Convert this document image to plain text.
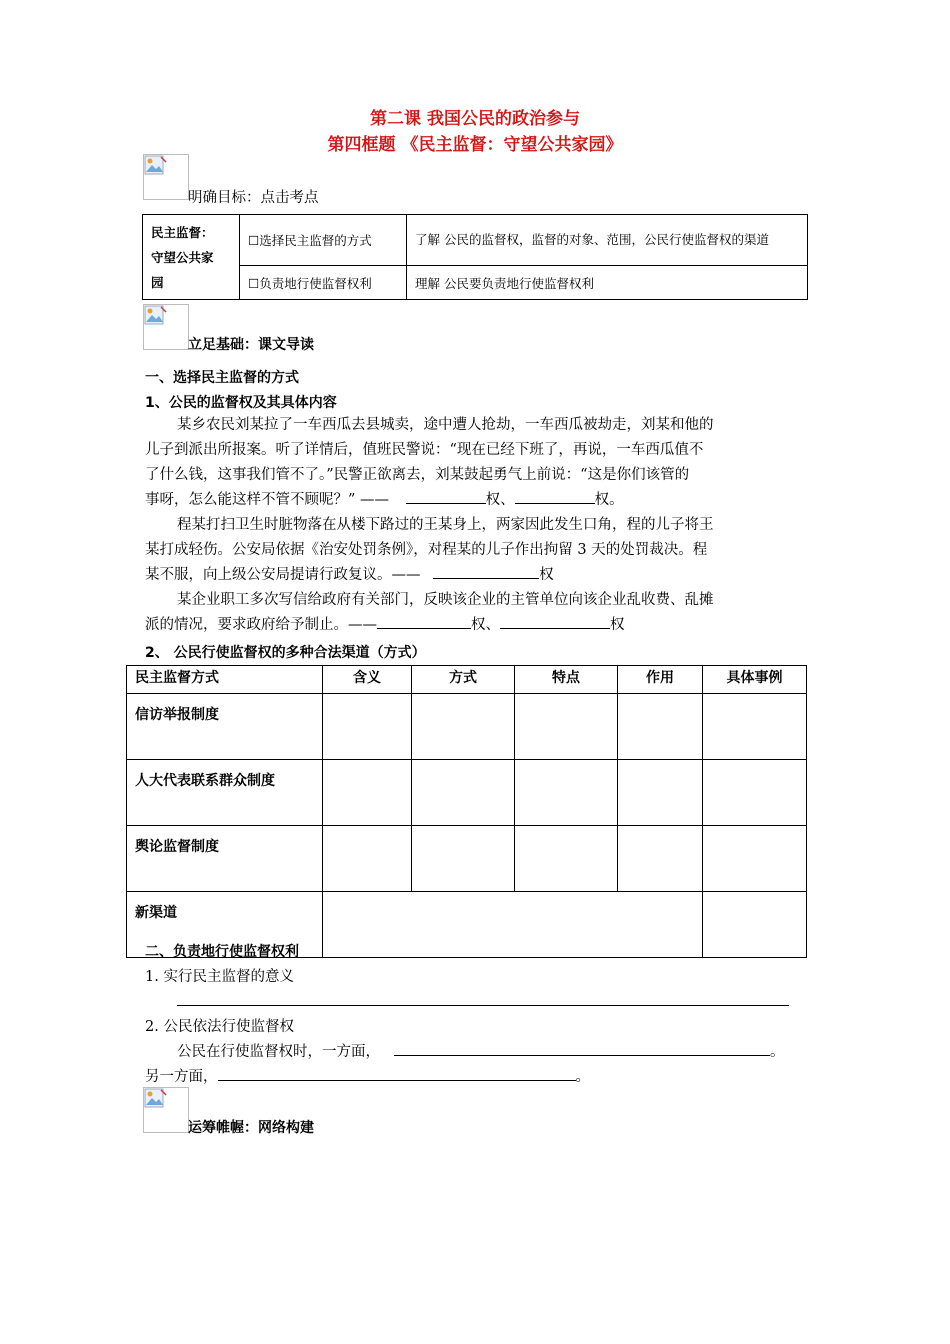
第二课 我国公民的政治参与
第四框题 《民主监督：守望公共家园》
明确目标：点击考点
民主监督：
守望公共家
园	☐选择民主监督的方式	了解 公民的监督权，监督的对象、范围，公民行使监督权的渠道
	☐负责地行使监督权利	理解 公民要负责地行使监督权利
立足基础：课文导读
一、选择民主监督的方式
1、公民的监督权及其具体内容
某乡农民刘某拉了一车西瓜去县城卖，途中遭人抢劫，一车西瓜被劫走，刘某和他的
儿子到派出所报案。听了详情后，值班民警说：“现在已经下班了，再说，一车西瓜值不
了什么钱，这事我们管不了。”民警正欲离去，刘某鼓起勇气上前说：“这是你们该管的
事呀，怎么能这样不管不顾呢？” ——	权、	权。
程某打扫卫生时脏物落在从楼下路过的王某身上，两家因此发生口角，程的儿子将王
某打成轻伤。公安局依据《治安处罚条例》，对程某的儿子作出拘留 3 天的处罚裁决。程
某不服，向上级公安局提请行政复议。——	权
某企业职工多次写信给政府有关部门，反映该企业的主管单位向该企业乱收费、乱摊
派的情况，要求政府给予制止。——	权、	权
2、 公民行使监督权的多种合法渠道（方式）
民主监督方式	含义	方式	特点	作用	具体事例
信访举报制度					
人大代表联系群众制度					
舆论监督制度					
新渠道					
二、负责地行使监督权利
1. 实行民主监督的意义
2. 公民依法行使监督权
公民在行使监督权时，一方面，	。
另一方面，	。
运筹帷幄：网络构建
